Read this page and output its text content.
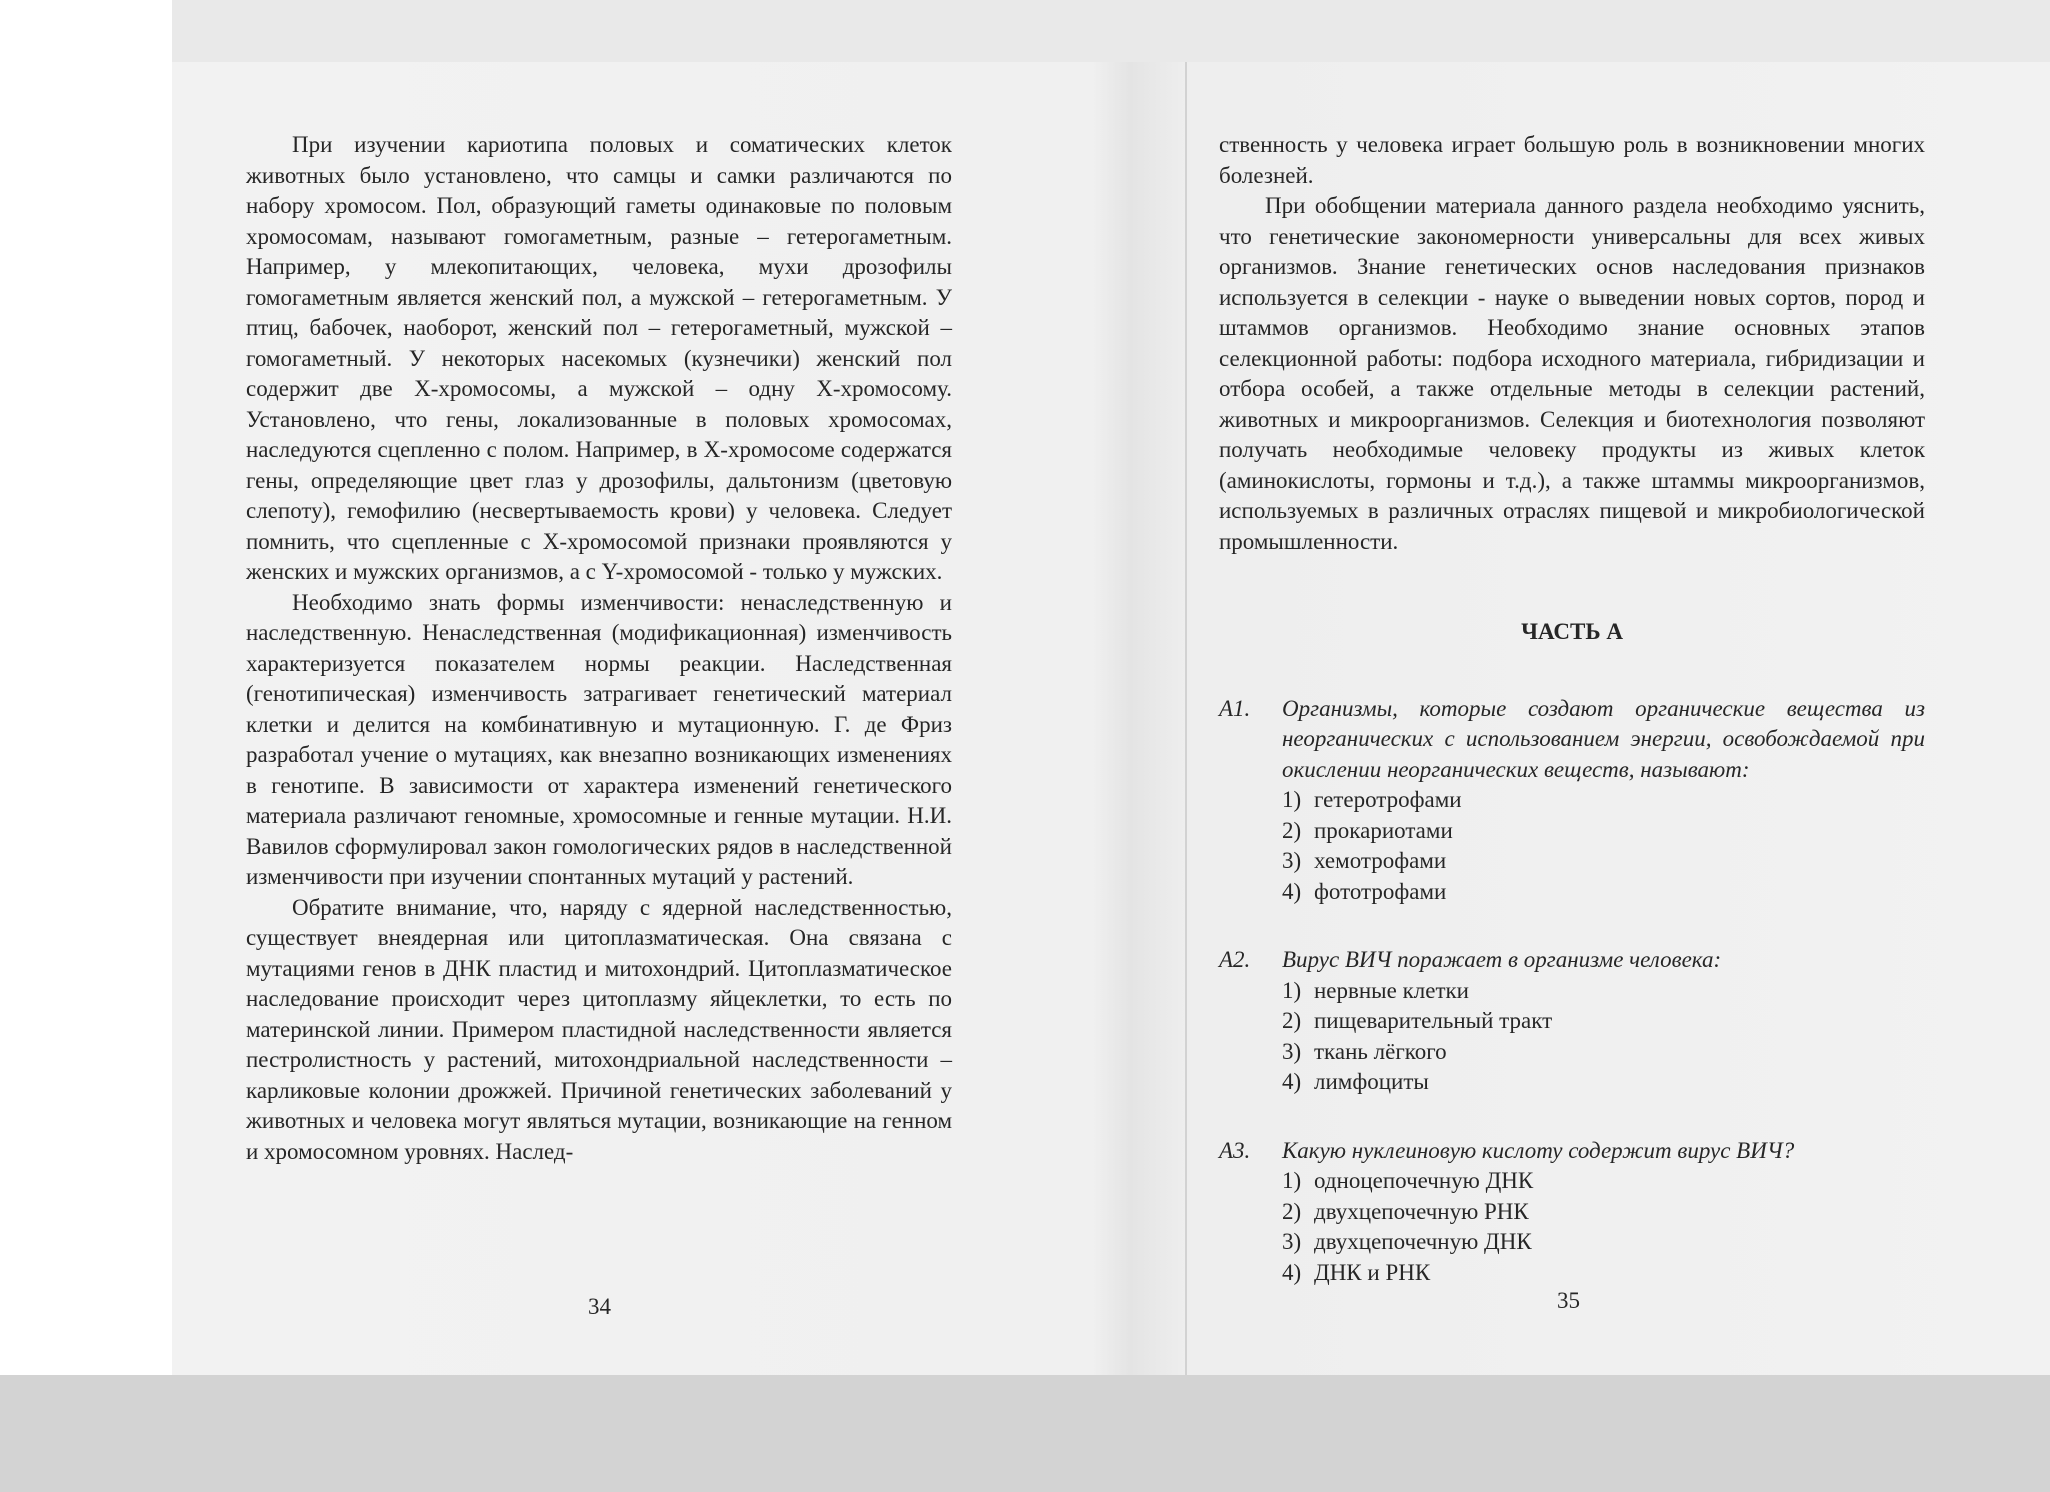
При изучении кариотипа половых и соматических клеток животных было установлено, что самцы и самки различаются по набору хромосом. Пол, образующий гаметы одинаковые по половым хромосомам, называют гомогаметным, разные – гетерогаметным. Например, у млекопитающих, человека, мухи дрозофилы гомогаметным является женский пол, а мужской – гетерогаметным. У птиц, бабочек, наоборот, женский пол – гетерогаметный, мужской – гомогаметный. У некоторых насекомых (кузнечики) женский пол содержит две Х-хромосомы, а мужской – одну Х-хромосому. Установлено, что гены, локализованные в половых хромосомах, наследуются сцепленно с полом. Например, в Х-хромосоме содержатся гены, определяющие цвет глаз у дрозофилы, дальтонизм (цветовую слепоту), гемофилию (несвертываемость крови) у человека. Следует помнить, что сцепленные с Х-хромосомой признаки проявляются у женских и мужских организмов, а с Y-хромосомой - только у мужских.

Необходимо знать формы изменчивости: ненаследственную и наследственную. Ненаследственная (модификационная) изменчивость характеризуется показателем нормы реакции. Наследственная (генотипическая) изменчивость затрагивает генетический материал клетки и делится на комбинативную и мутационную. Г. де Фриз разработал учение о мутациях, как внезапно возникающих изменениях в генотипе. В зависимости от характера изменений генетического материала различают геномные, хромосомные и генные мутации. Н.И. Вавилов сформулировал закон гомологических рядов в наследственной изменчивости при изучении спонтанных мутаций у растений.

Обратите внимание, что, наряду с ядерной наследственностью, существует внеядерная или цитоплазматическая. Она связана с мутациями генов в ДНК пластид и митохондрий. Цитоплазматическое наследование происходит через цитоплазму яйцеклетки, то есть по материнской линии. Примером пластидной наследственности является пестролистность у растений, митохондриальной наследственности – карликовые колонии дрожжей. Причиной генетических заболеваний у животных и человека могут являться мутации, возникающие на генном и хромосомном уровнях. Наслед-

34

ственность у человека играет большую роль в возникновении многих болезней.

При обобщении материала данного раздела необходимо уяснить, что генетические закономерности универсальны для всех живых организмов. Знание генетических основ наследования признаков используется в селекции - науке о выведении новых сортов, пород и штаммов организмов. Необходимо знание основных этапов селекционной работы: подбора исходного материала, гибридизации и отбора особей, а также отдельные методы в селекции растений, животных и микроорганизмов. Селекция и биотехнология позволяют получать необходимые человеку продукты из живых клеток (аминокислоты, гормоны и т.д.), а также штаммы микроорганизмов, используемых в различных отраслях пищевой и микробиологической промышленности.

ЧАСТЬ А
А1.	Организмы, которые создают органические вещества из неорганических с использованием энергии, освобождаемой при окислении неорганических веществ, называют:
1) гетеротрофами
2) прокариотами
3) хемотрофами
4) фототрофами
А2.	Вирус ВИЧ поражает в организме человека:
1) нервные клетки
2) пищеварительный тракт
3) ткань лёгкого
4) лимфоциты
А3.	Какую нуклеиновую кислоту содержит вирус ВИЧ?
1) одноцепочечную ДНК
2) двухцепочечную РНК
3) двухцепочечную ДНК
4) ДНК и РНК
35
